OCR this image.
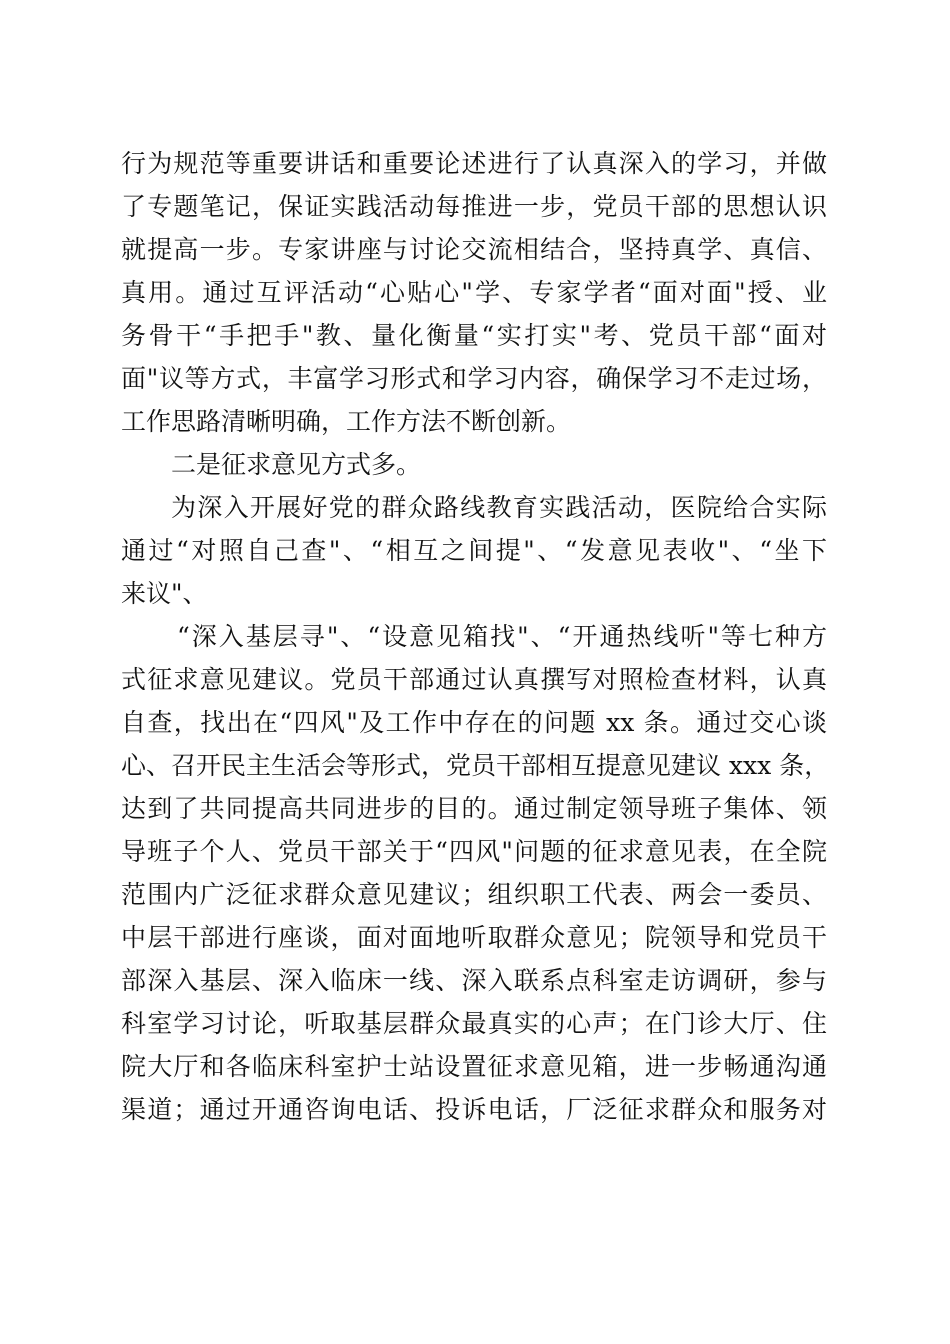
行为规范等重要讲话和重要论述进行了认真深入的学习，并做
了专题笔记，保证实践活动每推进一步，党员干部的思想认识
就提高一步。专家讲座与讨论交流相结合，坚持真学、真信、
真用。通过互评活动“心贴心"学、专家学者“面对面"授、业
务骨干“手把手"教、量化衡量“实打实"考、党员干部“面对
面"议等方式，丰富学习形式和学习内容，确保学习不走过场，
工作思路清晰明确，工作方法不断创新。
二是征求意见方式多。
为深入开展好党的群众路线教育实践活动，医院给合实际
通过“对照自己查"、“相互之间提"、“发意见表收"、“坐下
来议"、
“深入基层寻"、“设意见箱找"、“开通热线听"等七种方
式征求意见建议。党员干部通过认真撰写对照检查材料，认真
自查，找出在“四风"及工作中存在的问题 xx 条。通过交心谈
心、召开民主生活会等形式，党员干部相互提意见建议 xxx 条，
达到了共同提高共同进步的目的。通过制定领导班子集体、领
导班子个人、党员干部关于“四风"问题的征求意见表，在全院
范围内广泛征求群众意见建议；组织职工代表、两会一委员、
中层干部进行座谈，面对面地听取群众意见；院领导和党员干
部深入基层、深入临床一线、深入联系点科室走访调研，参与
科室学习讨论，听取基层群众最真实的心声；在门诊大厅、住
院大厅和各临床科室护士站设置征求意见箱，进一步畅通沟通
渠道；通过开通咨询电话、投诉电话，厂泛征求群众和服务对
